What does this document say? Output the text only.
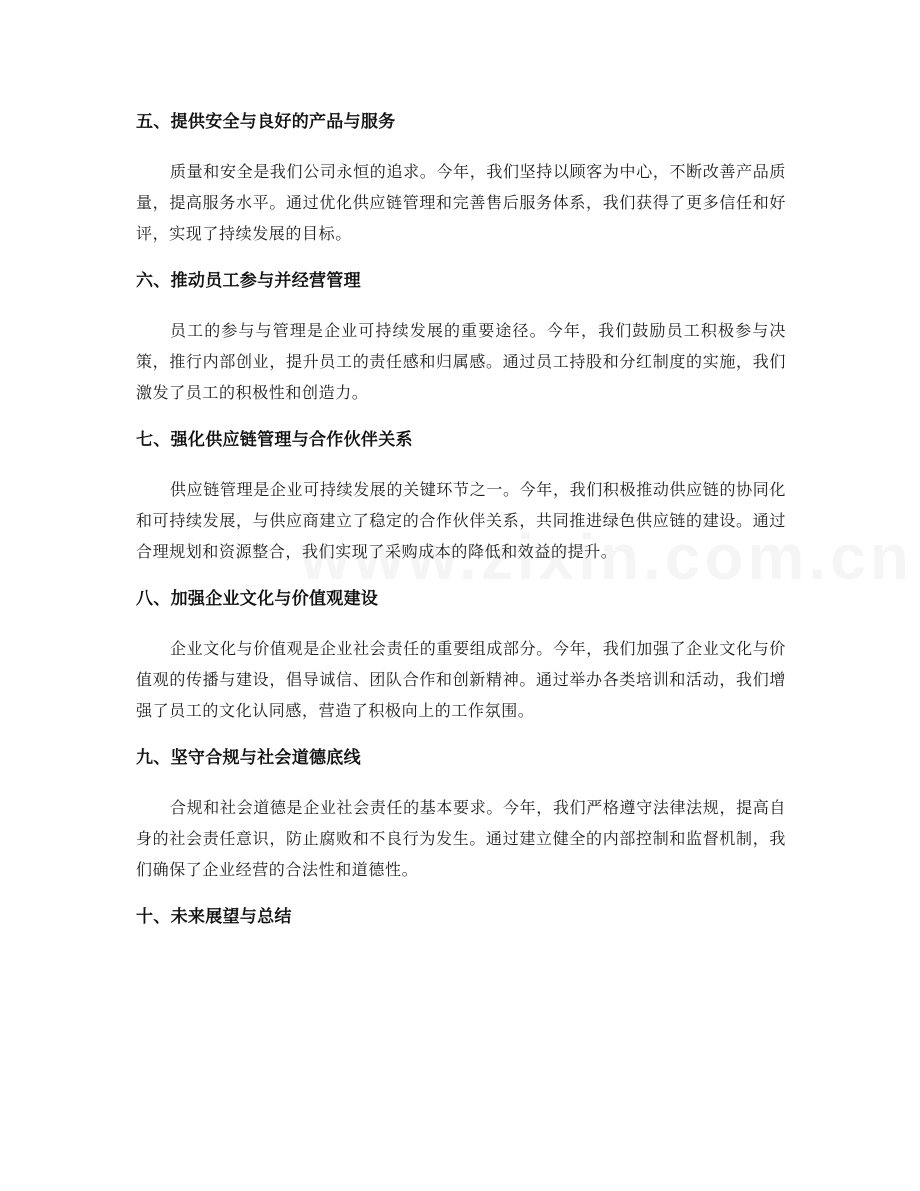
五、提供安全与良好的产品与服务

质量和安全是我们公司永恒的追求。今年，我们坚持以顾客为中心，不断改善产品质量，提高服务水平。通过优化供应链管理和完善售后服务体系，我们获得了更多信任和好评，实现了持续发展的目标。

六、推动员工参与并经营管理

员工的参与与管理是企业可持续发展的重要途径。今年，我们鼓励员工积极参与决策，推行内部创业，提升员工的责任感和归属感。通过员工持股和分红制度的实施，我们激发了员工的积极性和创造力。

七、强化供应链管理与合作伙伴关系

供应链管理是企业可持续发展的关键环节之一。今年，我们积极推动供应链的协同化和可持续发展，与供应商建立了稳定的合作伙伴关系，共同推进绿色供应链的建设。通过合理规划和资源整合，我们实现了采购成本的降低和效益的提升。

八、加强企业文化与价值观建设

企业文化与价值观是企业社会责任的重要组成部分。今年，我们加强了企业文化与价值观的传播与建设，倡导诚信、团队合作和创新精神。通过举办各类培训和活动，我们增强了员工的文化认同感，营造了积极向上的工作氛围。

九、坚守合规与社会道德底线

合规和社会道德是企业社会责任的基本要求。今年，我们严格遵守法律法规，提高自身的社会责任意识，防止腐败和不良行为发生。通过建立健全的内部控制和监督机制，我们确保了企业经营的合法性和道德性。

十、未来展望与总结
